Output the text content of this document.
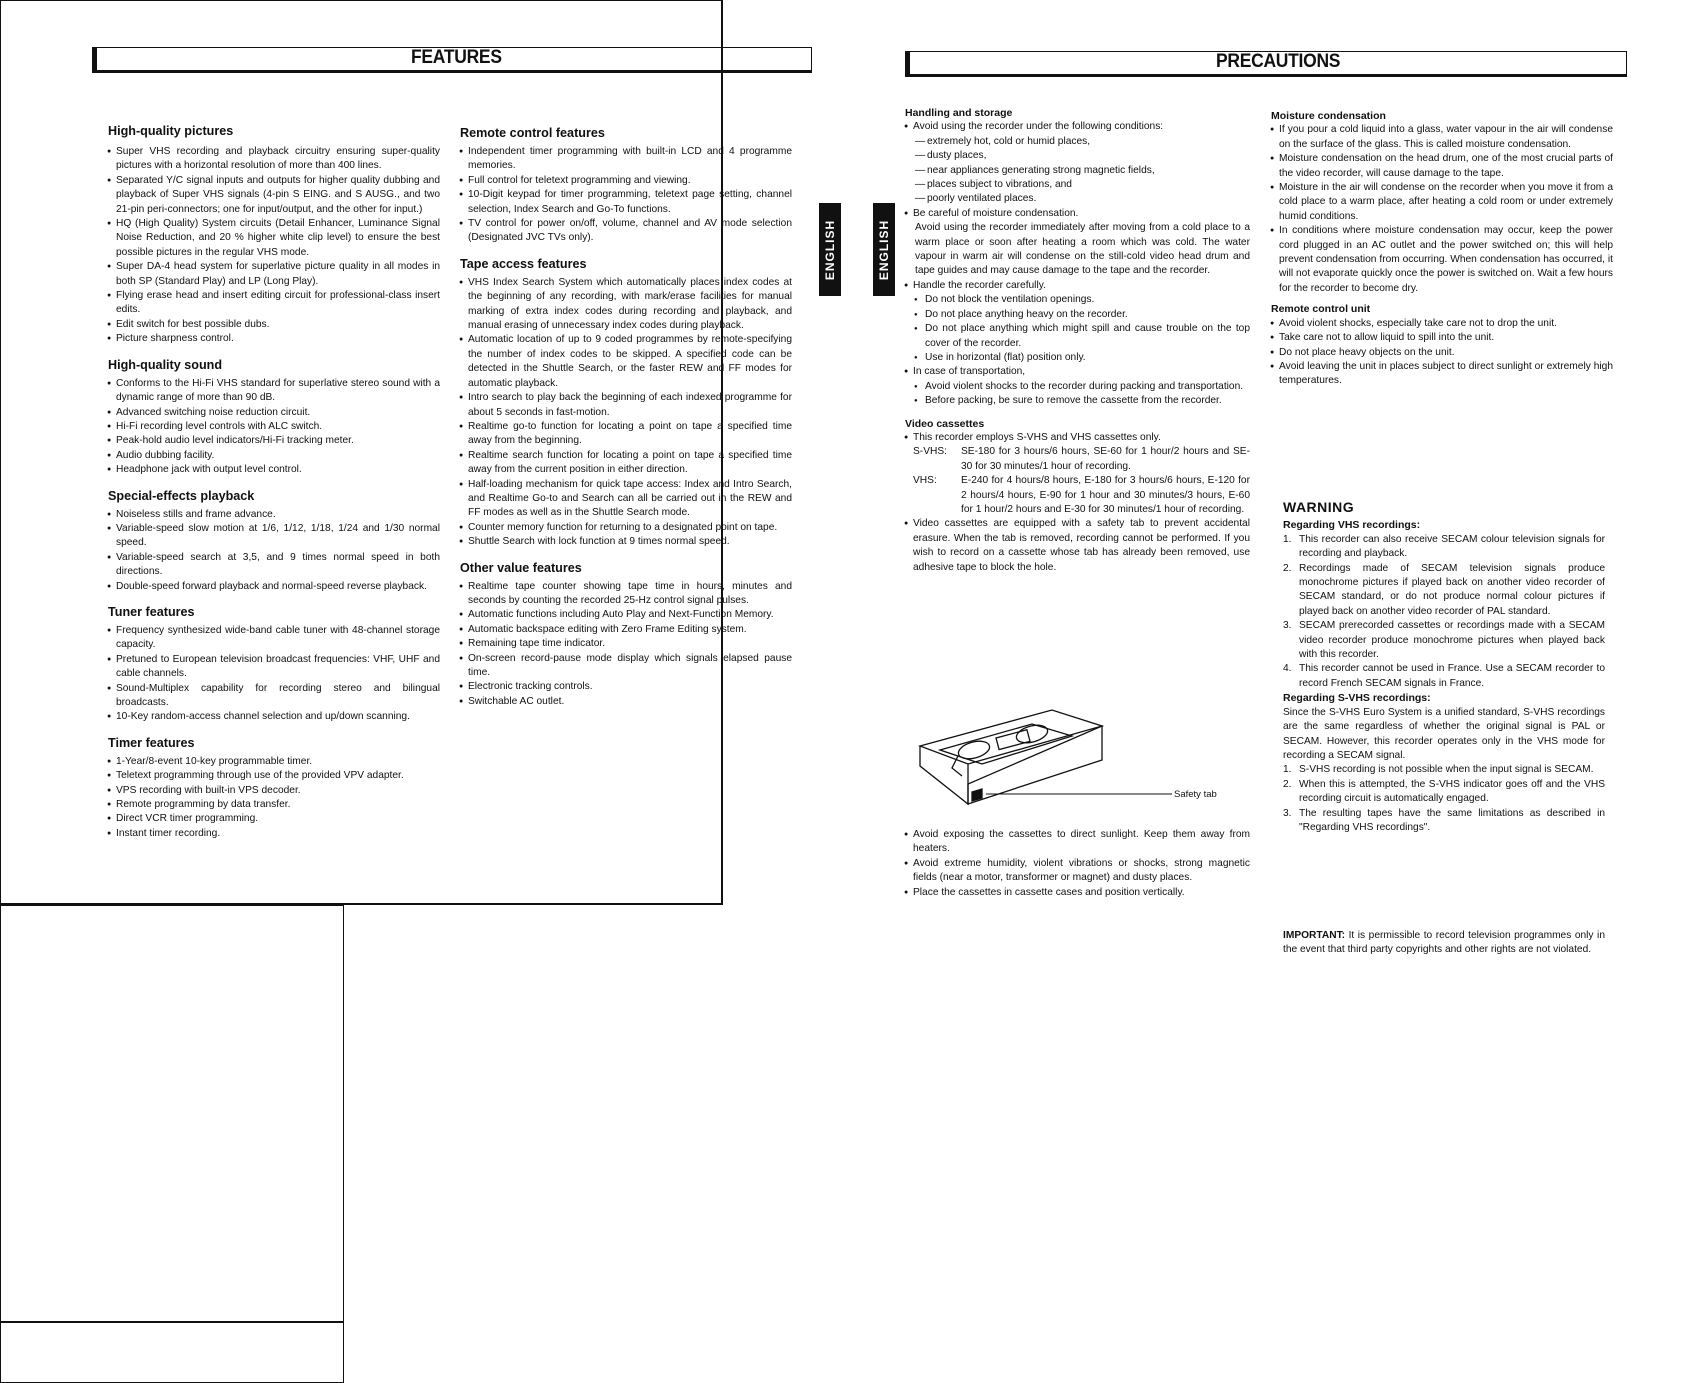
FEATURES
High-quality pictures
● Super VHS recording and playback circuitry ensuring super-quality pictures with a horizontal resolution of more than 400 lines.
● Separated Y/C signal inputs and outputs for higher quality dubbing and playback of Super VHS signals (4-pin S EING. and S AUSG., and two 21-pin peri-connectors; one for input/output, and the other for input.)
● HQ (High Quality) System circuits (Detail Enhancer, Luminance Signal Noise Reduction, and 20 % higher white clip level) to ensure the best possible pictures in the regular VHS mode.
● Super DA-4 head system for superlative picture quality in all modes in both SP (Standard Play) and LP (Long Play).
● Flying erase head and insert editing circuit for professional-class insert edits.
● Edit switch for best possible dubs.
● Picture sharpness control.
High-quality sound
● Conforms to the Hi-Fi VHS standard for superlative stereo sound with a dynamic range of more than 90 dB.
● Advanced switching noise reduction circuit.
● Hi-Fi recording level controls with ALC switch.
● Peak-hold audio level indicators/Hi-Fi tracking meter.
● Audio dubbing facility.
● Headphone jack with output level control.
Special-effects playback
● Noiseless stills and frame advance.
● Variable-speed slow motion at 1/6, 1/12, 1/18, 1/24 and 1/30 normal speed.
● Variable-speed search at 3,5, and 9 times normal speed in both directions.
● Double-speed forward playback and normal-speed reverse playback.
Tuner features
● Frequency synthesized wide-band cable tuner with 48-channel storage capacity.
● Pretuned to European television broadcast frequencies: VHF, UHF and cable channels.
● Sound-Multiplex capability for recording stereo and bilingual broadcasts.
● 10-Key random-access channel selection and up/down scanning.
Timer features
● 1-Year/8-event 10-key programmable timer.
● Teletext programming through use of the provided VPV adapter.
● VPS recording with built-in VPS decoder.
● Remote programming by data transfer.
● Direct VCR timer programming.
● Instant timer recording.
Remote control features
● Independent timer programming with built-in LCD and 4 programme memories.
● Full control for teletext programming and viewing.
● 10-Digit keypad for timer programming, teletext page setting, channel selection, Index Search and Go-To functions.
● TV control for power on/off, volume, channel and AV mode selection (Designated JVC TVs only).
Tape access features
● VHS Index Search System which automatically places index codes at the beginning of any recording, with mark/erase facilities for manual marking of extra index codes during recording and playback, and manual erasing of unnecessary index codes during playback.
● Automatic location of up to 9 coded programmes by remote-specifying the number of index codes to be skipped. A specified code can be detected in the Shuttle Search, or the faster REW and FF modes for automatic playback.
● Intro search to play back the beginning of each indexed programme for about 5 seconds in fast-motion.
● Realtime go-to function for locating a point on tape a specified time away from the beginning.
● Realtime search function for locating a point on tape a specified time away from the current position in either direction.
● Half-loading mechanism for quick tape access: Index and Intro Search, and Realtime Go-to and Search can all be carried out in the REW and FF modes as well as in the Shuttle Search mode.
● Counter memory function for returning to a designated point on tape.
● Shuttle Search with lock function at 9 times normal speed.
Other value features
● Realtime tape counter showing tape time in hours, minutes and seconds by counting the recorded 25-Hz control signal pulses.
● Automatic functions including Auto Play and Next-Function Memory.
● Automatic backspace editing with Zero Frame Editing system.
● Remaining tape time indicator.
● On-screen record-pause mode display which signals elapsed pause time.
● Electronic tracking controls.
● Switchable AC outlet.
ENGLISH	ENGLISH
PRECAUTIONS
Handling and storage
● Avoid using the recorder under the following conditions:
— extremely hot, cold or humid places,
— dusty places,
— near appliances generating strong magnetic fields,
— places subject to vibrations, and
— poorly ventilated places.
● Be careful of moisture condensation.
Avoid using the recorder immediately after moving from a cold place to a warm place or soon after heating a room which was cold. The water vapour in warm air will condense on the still-cold video head drum and tape guides and may cause damage to the tape and the recorder.
● Handle the recorder carefully.
● Do not block the ventilation openings.
● Do not place anything heavy on the recorder.
● Do not place anything which might spill and cause trouble on the top cover of the recorder.
● Use in horizontal (flat) position only.
● In case of transportation,
● Avoid violent shocks to the recorder during packing and transportation.
● Before packing, be sure to remove the cassette from the recorder.
Video cassettes
● This recorder employs S-VHS and VHS cassettes only.
S-VHS:	SE-180 for 3 hours/6 hours, SE-60 for 1 hour/2 hours and SE-30 for 30 minutes/1 hour of recording.
VHS:	E-240 for 4 hours/8 hours, E-180 for 3 hours/6 hours, E-120 for 2 hours/4 hours, E-90 for 1 hour and 30 minutes/3 hours, E-60 for 1 hour/2 hours and E-30 for 30 minutes/1 hour of recording.
● Video cassettes are equipped with a safety tab to prevent accidental erasure. When the tab is removed, recording cannot be performed. If you wish to record on a cassette whose tab has already been removed, use adhesive tape to block the hole.
Safety tab
● Avoid exposing the cassettes to direct sunlight. Keep them away from heaters.
● Avoid extreme humidity, violent vibrations or shocks, strong magnetic fields (near a motor, transformer or magnet) and dusty places.
● Place the cassettes in cassette cases and position vertically.
Moisture condensation
● If you pour a cold liquid into a glass, water vapour in the air will condense on the surface of the glass. This is called moisture condensation.
● Moisture condensation on the head drum, one of the most crucial parts of the video recorder, will cause damage to the tape.
● Moisture in the air will condense on the recorder when you move it from a cold place to a warm place, after heating a cold room or under extremely humid conditions.
● In conditions where moisture condensation may occur, keep the power cord plugged in an AC outlet and the power switched on; this will help prevent condensation from occurring. When condensation has occurred, it will not evaporate quickly once the power is switched on. Wait a few hours for the recorder to become dry.
Remote control unit
● Avoid violent shocks, especially take care not to drop the unit.
● Take care not to allow liquid to spill into the unit.
● Do not place heavy objects on the unit.
● Avoid leaving the unit in places subject to direct sunlight or extremely high temperatures.
WARNING
Regarding VHS recordings:
1. This recorder can also receive SECAM colour television signals for recording and playback.
2. Recordings made of SECAM television signals produce monochrome pictures if played back on another video recorder of SECAM standard, or do not produce normal colour pictures if played back on another video recorder of PAL standard.
3. SECAM prerecorded cassettes or recordings made with a SECAM video recorder produce monochrome pictures when played back with this recorder.
4. This recorder cannot be used in France. Use a SECAM recorder to record French SECAM signals in France.
Regarding S-VHS recordings:
Since the S-VHS Euro System is a unified standard, S-VHS recordings are the same regardless of whether the original signal is PAL or SECAM. However, this recorder operates only in the VHS mode for recording a SECAM signal.
1. S-VHS recording is not possible when the input signal is SECAM.
2. When this is attempted, the S-VHS indicator goes off and the VHS recording circuit is automatically engaged.
3. The resulting tapes have the same limitations as described in "Regarding VHS recordings".
IMPORTANT: It is permissible to record television programmes only in the event that third party copyrights and other rights are not violated.
